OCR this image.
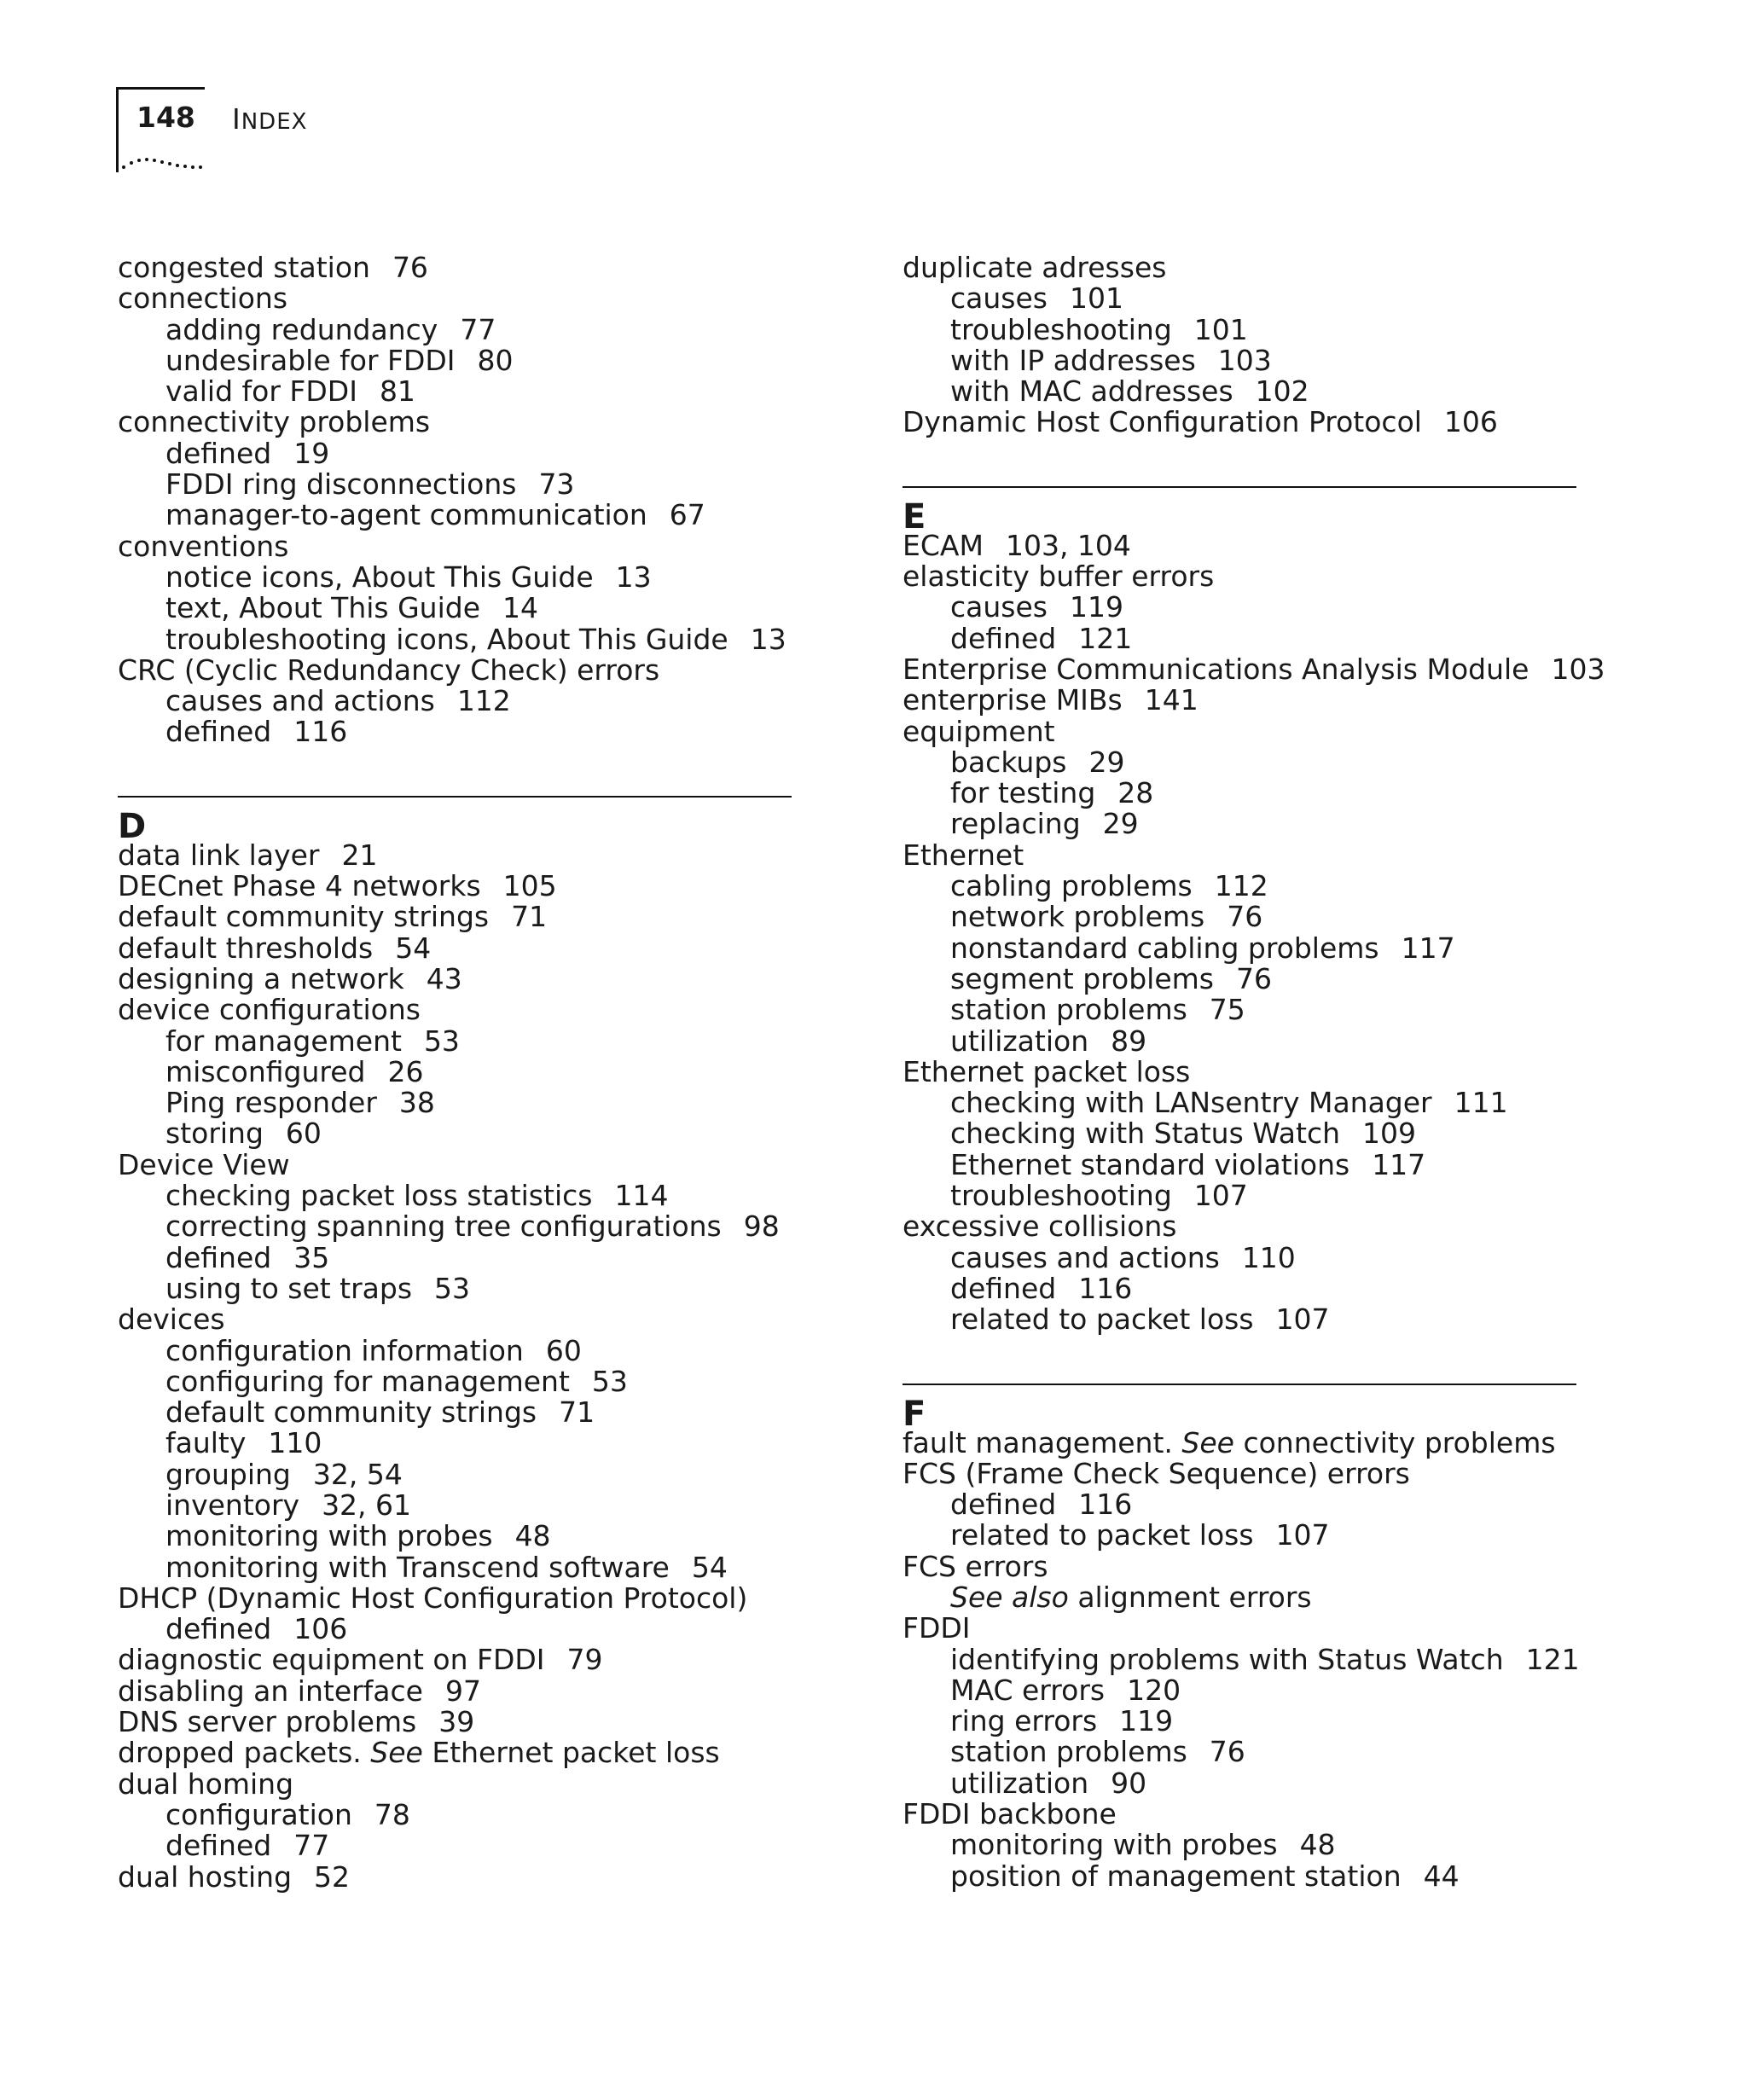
148 INDEX
congested station 76
connections
adding redundancy 77
undesirable for FDDI 80
valid for FDDI 81
connectivity problems
defined 19
FDDI ring disconnections 73
manager-to-agent communication 67
conventions
notice icons, About This Guide 13
text, About This Guide 14
troubleshooting icons, About This Guide 13
CRC (Cyclic Redundancy Check) errors
causes and actions 112
defined 116
D
data link layer 21
DECnet Phase 4 networks 105
default community strings 71
default thresholds 54
designing a network 43
device configurations
for management 53
misconfigured 26
Ping responder 38
storing 60
Device View
checking packet loss statistics 114
correcting spanning tree configurations 98
defined 35
using to set traps 53
devices
configuration information 60
configuring for management 53
default community strings 71
faulty 110
grouping 32, 54
inventory 32, 61
monitoring with probes 48
monitoring with Transcend software 54
DHCP (Dynamic Host Configuration Protocol)
defined 106
diagnostic equipment on FDDI 79
disabling an interface 97
DNS server problems 39
dropped packets. See Ethernet packet loss
dual homing
configuration 78
defined 77
dual hosting 52
duplicate adresses
causes 101
troubleshooting 101
with IP addresses 103
with MAC addresses 102
Dynamic Host Configuration Protocol 106
E
ECAM 103, 104
elasticity buffer errors
causes 119
defined 121
Enterprise Communications Analysis Module 103
enterprise MIBs 141
equipment
backups 29
for testing 28
replacing 29
Ethernet
cabling problems 112
network problems 76
nonstandard cabling problems 117
segment problems 76
station problems 75
utilization 89
Ethernet packet loss
checking with LANsentry Manager 111
checking with Status Watch 109
Ethernet standard violations 117
troubleshooting 107
excessive collisions
causes and actions 110
defined 116
related to packet loss 107
F
fault management. See connectivity problems
FCS (Frame Check Sequence) errors
defined 116
related to packet loss 107
FCS errors
See also alignment errors
FDDI
identifying problems with Status Watch 121
MAC errors 120
ring errors 119
station problems 76
utilization 90
FDDI backbone
monitoring with probes 48
position of management station 44
